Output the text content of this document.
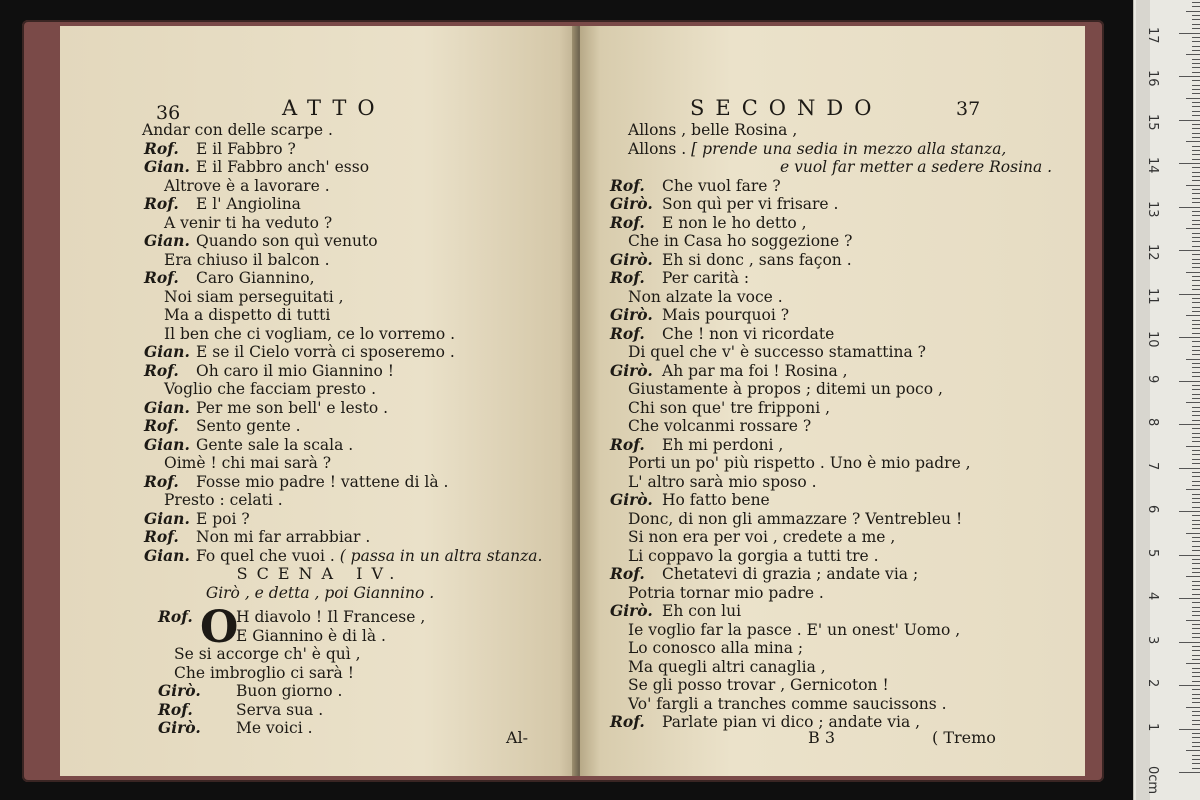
36	ATTO
Andar con delle scarpe .
Rof. E il Fabbro ?
Gian. E il Fabbro anch' esso
Altrove è a lavorare .
Rof. E l' Angiolina
A venir ti ha veduto ?
Gian. Quando son quì venuto
Era chiuso il balcon .
Rof. Caro Giannino,
Noi siam perseguitati ,
Ma a dispetto di tutti
Il ben che ci vogliam, ce lo vorremo .
Gian. E se il Cielo vorrà ci sposeremo .
Rof. Oh caro il mio Giannino !
Voglio che facciam presto .
Gian. Per me son bell' e lesto .
Rof. Sento gente .
Gian. Gente sale la scala .
Oimè ! chi mai sarà ?
Rof. Fosse mio padre ! vattene di là .
Presto : celati .
Gian. E poi ?
Rof. Non mi far arrabbiar .
Gian. Fo quel che vuoi . ( passa in un altra stanza.
SCENA IV.
Girò , e detta , poi Giannino .
O
Rof.	H diavolo ! Il Francese ,
E Giannino è di là .
Se si accorge ch' è quì ,
Che imbroglio ci sarà !
Girò. Buon giorno .
Rof.	Serva sua .
Girò. Me voici .	Al-
SECONDO	37
Allons , belle Rosina ,
Allons . [ prende una sedia in mezzo alla stanza,
e vuol far metter a sedere Rosina .
Rof. Che vuol fare ?
Girò. Son quì per vi frisare .
Rof. E non le ho detto ,
Che in Casa ho soggezione ?
Girò. Eh si donc , sans façon .
Rof. Per carità :
Non alzate la voce .
Girò. Mais pourquoi ?
Rof. Che ! non vi ricordate
Di quel che v' è successo stamattina ?
Girò. Ah par ma foi ! Rosina ,
Giustamente à propos ; ditemi un poco ,
Chi son que' tre fripponi ,
Che volcanmi rossare ?
Rof. Eh mi perdoni ,
Porti un po' più rispetto . Uno è mio padre ,
L' altro sarà mio sposo .
Girò. Ho fatto bene
Donc, di non gli ammazzare ? Ventrebleu !
Si non era per voi , credete a me ,
Li coppavo la gorgia a tutti tre .
Rof. Chetatevi di grazia ; andate via ;
Potria tornar mio padre .
Girò. Eh con lui
Ie voglio far la pasce . E' un onest' Uomo ,
Lo conosco alla mina ;
Ma quegli altri canaglia ,
Se gli posso trovar , Gernicoton !
Vo' fargli a tranches comme saucissons .
Rof. Parlate pian vi dico ; andate via ,
B 3	( Tremo
0cm
1
2
3
4
5
6
7
8
9
10
11
12
13
14
15
16
17
